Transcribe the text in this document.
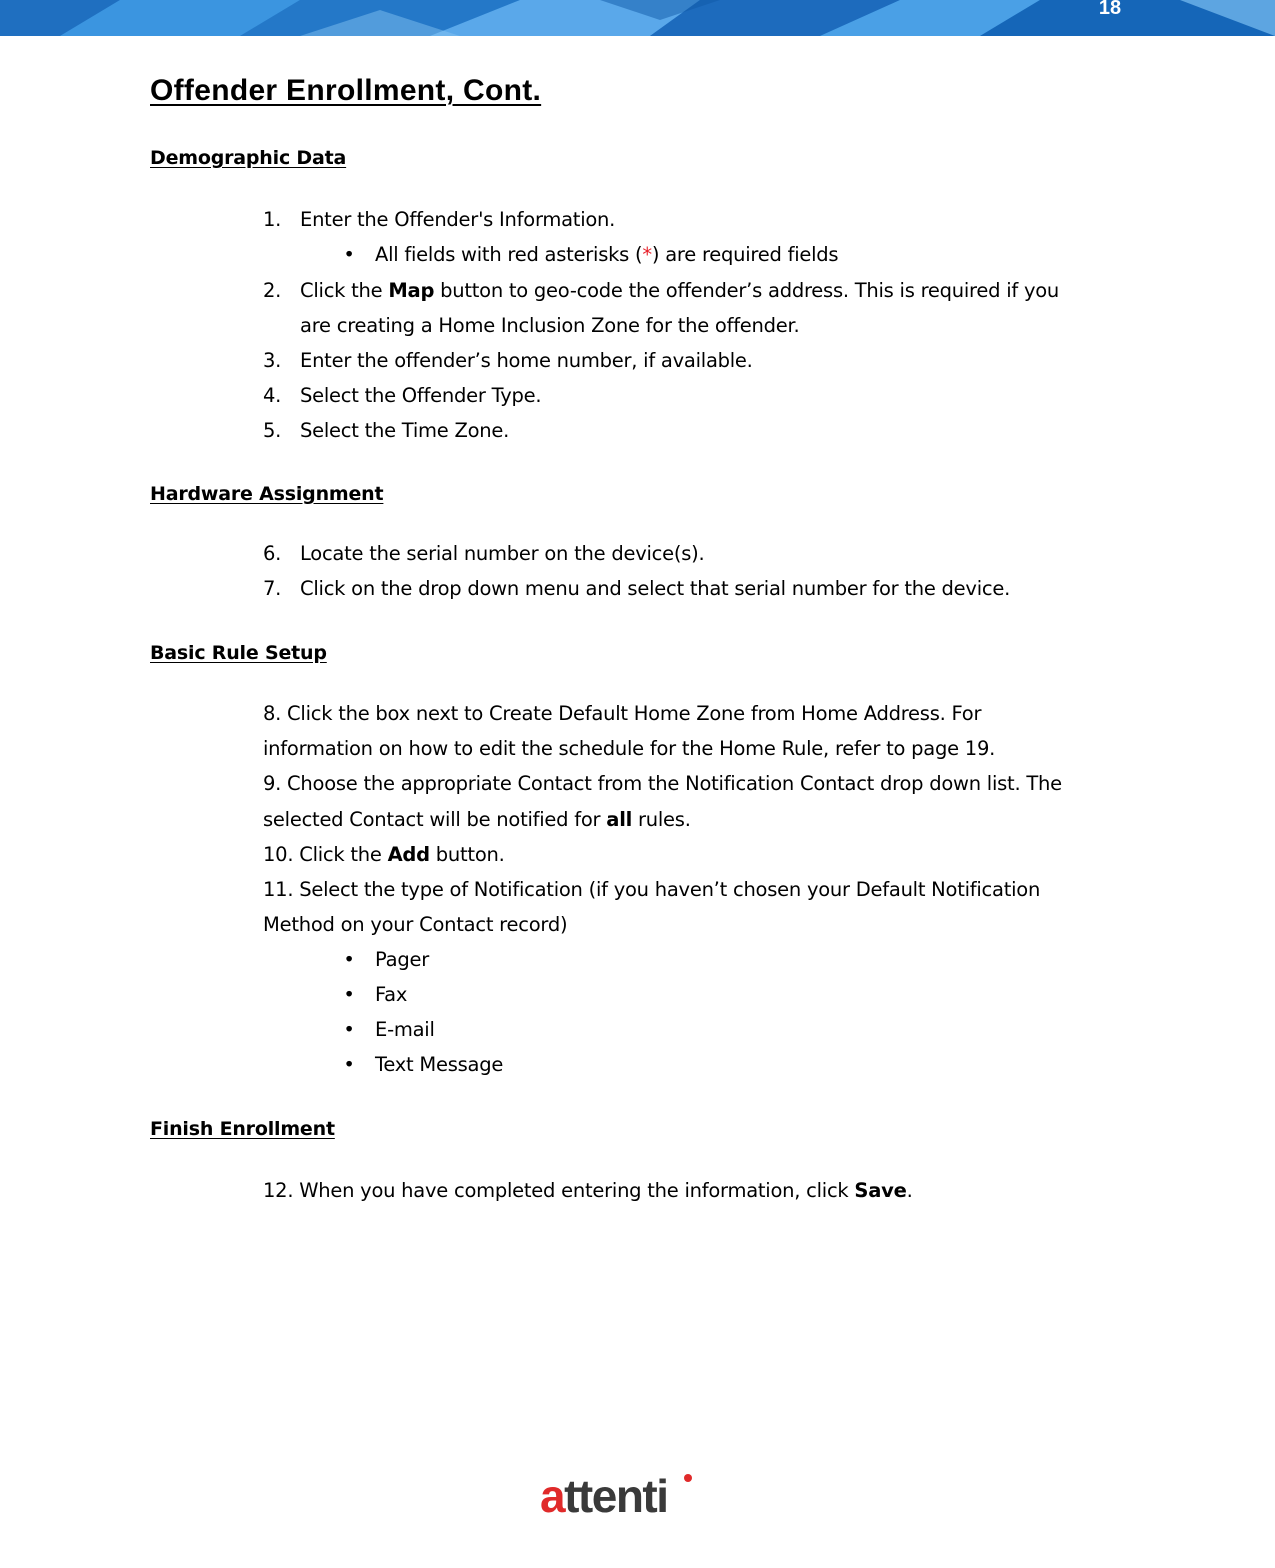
18
Offender Enrollment, Cont.
Demographic Data
1. Enter the Offender's Information.
• All fields with red asterisks (*) are required fields
2. Click the Map button to geo-code the offender’s address. This is required if you
are creating a Home Inclusion Zone for the offender.
3. Enter the offender’s home number, if available.
4. Select the Offender Type.
5. Select the Time Zone.
Hardware Assignment
6. Locate the serial number on the device(s).
7. Click on the drop down menu and select that serial number for the device.
Basic Rule Setup
8. Click the box next to Create Default Home Zone from Home Address. For
information on how to edit the schedule for the Home Rule, refer to page 19.
9. Choose the appropriate Contact from the Notification Contact drop down list. The
selected Contact will be notified for all rules.
10. Click the Add button.
11. Select the type of Notification (if you haven’t chosen your Default Notification
Method on your Contact record)
• Pager
• Fax
• E-mail
• Text Message
Finish Enrollment
12. When you have completed entering the information, click Save.
attenti
